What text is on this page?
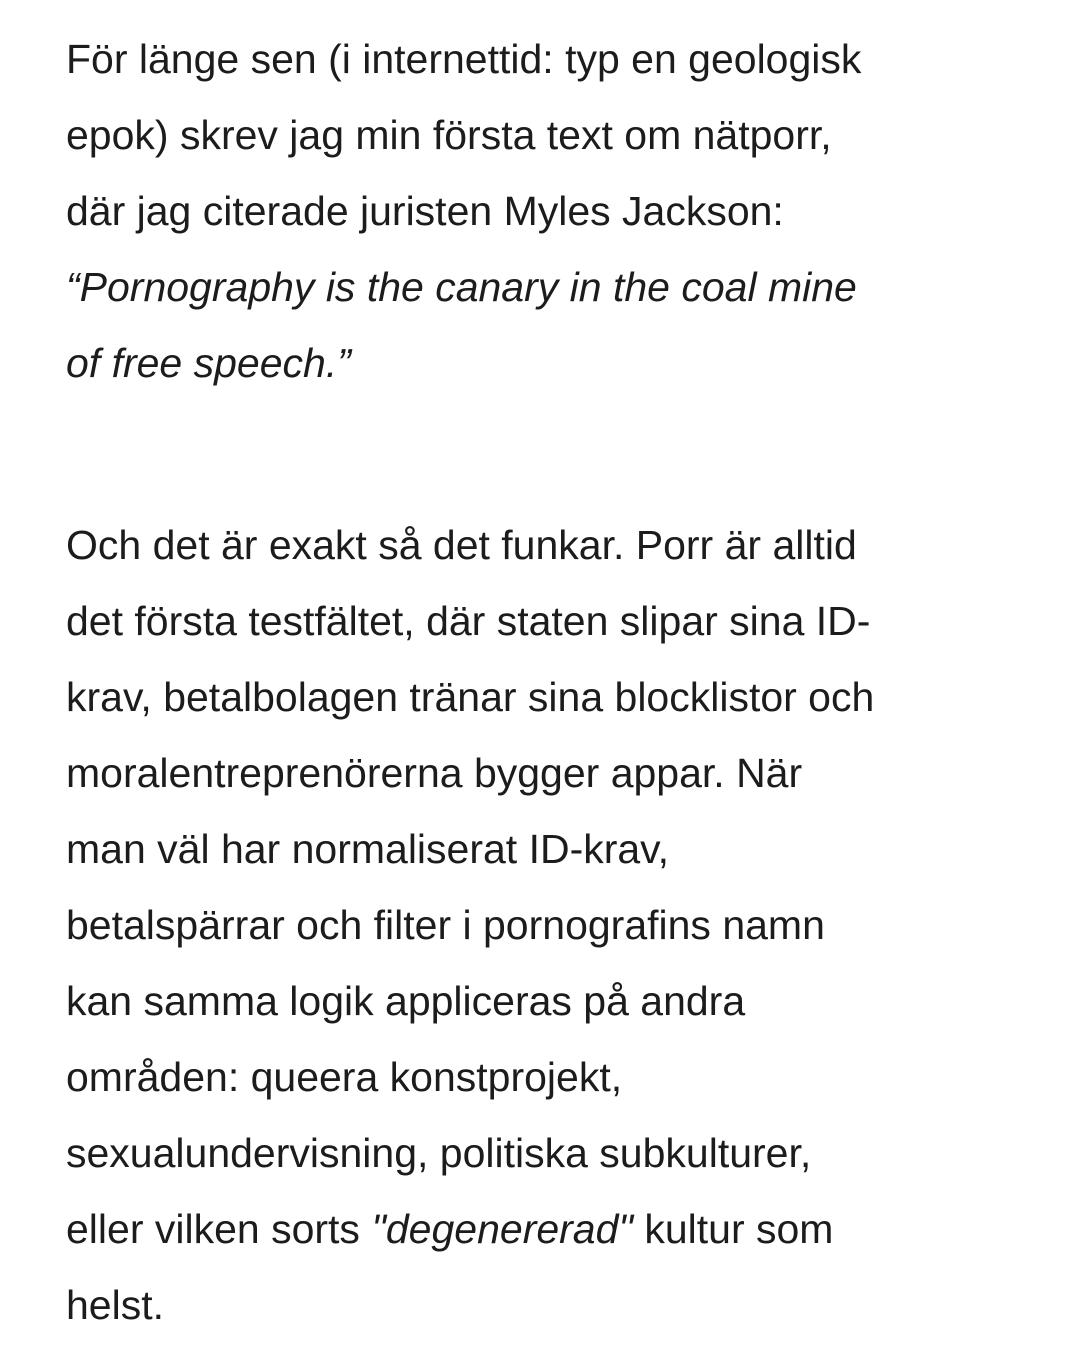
För länge sen (i internettid: typ en geologisk
epok) skrev jag min första text om nätporr,
där jag citerade juristen Myles Jackson:
“Pornography is the canary in the coal mine
of free speech.”
Och det är exakt så det funkar. Porr är alltid
det första testfältet, där staten slipar sina ID-
krav, betalbolagen tränar sina blocklistor och
moralentreprenörerna bygger appar. När
man väl har normaliserat ID-krav,
betalspärrar och filter i pornografins namn
kan samma logik appliceras på andra
områden: queera konstprojekt,
sexualundervisning, politiska subkulturer,
eller vilken sorts "degenererad" kultur som
helst.
